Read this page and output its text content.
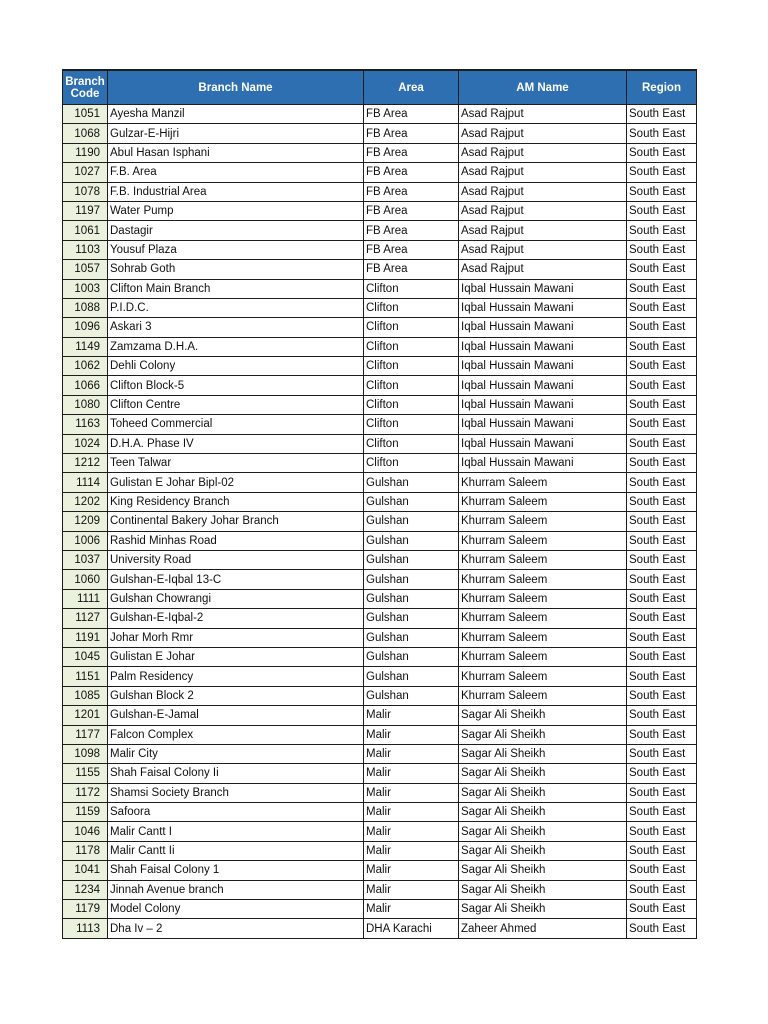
Branch Code	Branch Name	Area	AM Name	Region
1051	Ayesha Manzil	FB Area	Asad Rajput	South East
1068	Gulzar-E-Hijri	FB Area	Asad Rajput	South East
1190	Abul Hasan Isphani	FB Area	Asad Rajput	South East
1027	F.B. Area	FB Area	Asad Rajput	South East
1078	F.B. Industrial Area	FB Area	Asad Rajput	South East
1197	Water Pump	FB Area	Asad Rajput	South East
1061	Dastagir	FB Area	Asad Rajput	South East
1103	Yousuf Plaza	FB Area	Asad Rajput	South East
1057	Sohrab Goth	FB Area	Asad Rajput	South East
1003	Clifton Main Branch	Clifton	Iqbal Hussain Mawani	South East
1088	P.I.D.C.	Clifton	Iqbal Hussain Mawani	South East
1096	Askari 3	Clifton	Iqbal Hussain Mawani	South East
1149	Zamzama D.H.A.	Clifton	Iqbal Hussain Mawani	South East
1062	Dehli Colony	Clifton	Iqbal Hussain Mawani	South East
1066	Clifton Block-5	Clifton	Iqbal Hussain Mawani	South East
1080	Clifton Centre	Clifton	Iqbal Hussain Mawani	South East
1163	Toheed Commercial	Clifton	Iqbal Hussain Mawani	South East
1024	D.H.A. Phase IV	Clifton	Iqbal Hussain Mawani	South East
1212	Teen Talwar	Clifton	Iqbal Hussain Mawani	South East
1114	Gulistan E Johar Bipl-02	Gulshan	Khurram Saleem	South East
1202	King Residency Branch	Gulshan	Khurram Saleem	South East
1209	Continental Bakery Johar Branch	Gulshan	Khurram Saleem	South East
1006	Rashid Minhas Road	Gulshan	Khurram Saleem	South East
1037	University Road	Gulshan	Khurram Saleem	South East
1060	Gulshan-E-Iqbal 13-C	Gulshan	Khurram Saleem	South East
1111	Gulshan Chowrangi	Gulshan	Khurram Saleem	South East
1127	Gulshan-E-Iqbal-2	Gulshan	Khurram Saleem	South East
1191	Johar Morh Rmr	Gulshan	Khurram Saleem	South East
1045	Gulistan E Johar	Gulshan	Khurram Saleem	South East
1151	Palm Residency	Gulshan	Khurram Saleem	South East
1085	Gulshan Block 2	Gulshan	Khurram Saleem	South East
1201	Gulshan-E-Jamal	Malir	Sagar Ali Sheikh	South East
1177	Falcon Complex	Malir	Sagar Ali Sheikh	South East
1098	Malir City	Malir	Sagar Ali Sheikh	South East
1155	Shah Faisal Colony Ii	Malir	Sagar Ali Sheikh	South East
1172	Shamsi Society Branch	Malir	Sagar Ali Sheikh	South East
1159	Safoora	Malir	Sagar Ali Sheikh	South East
1046	Malir Cantt I	Malir	Sagar Ali Sheikh	South East
1178	Malir Cantt Ii	Malir	Sagar Ali Sheikh	South East
1041	Shah Faisal Colony 1	Malir	Sagar Ali Sheikh	South East
1234	Jinnah Avenue branch	Malir	Sagar Ali Sheikh	South East
1179	Model Colony	Malir	Sagar Ali Sheikh	South East
1113	Dha Iv – 2	DHA Karachi	Zaheer Ahmed	South East
